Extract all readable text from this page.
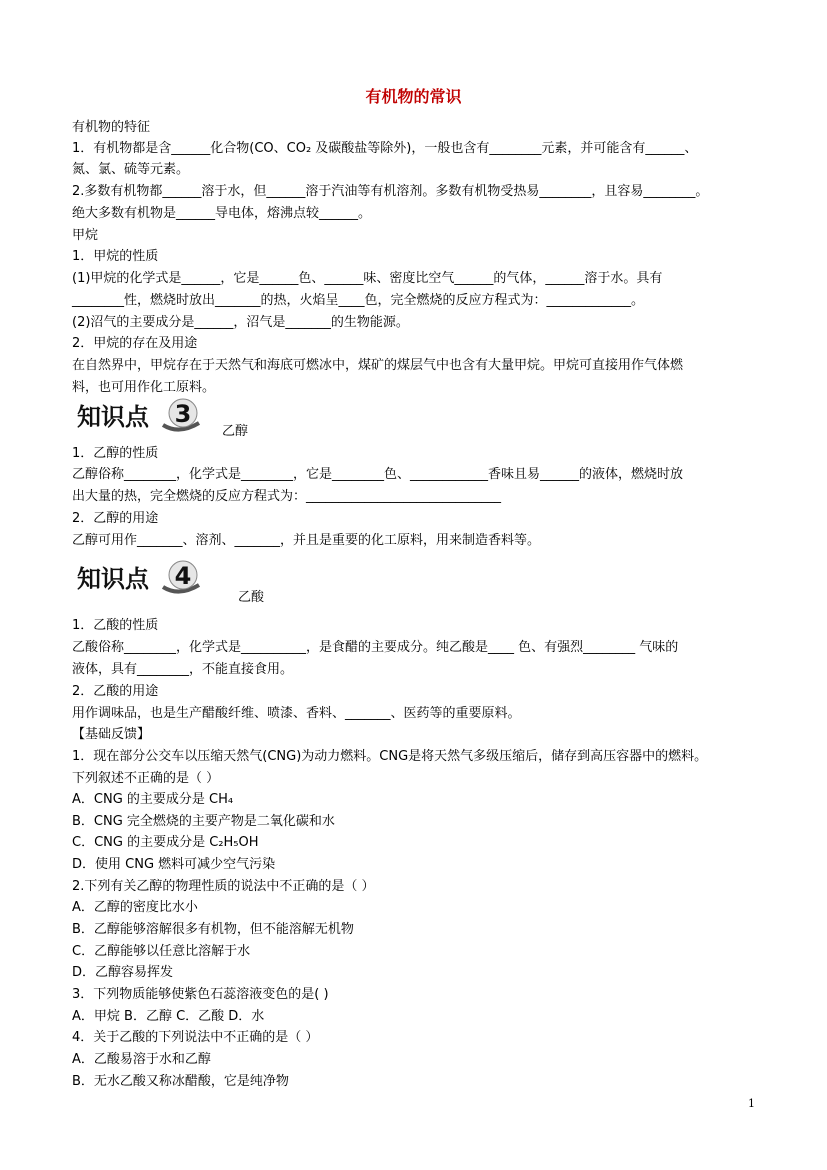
有机物的常识
有机物的特征
1．有机物都是含______化合物(CO、CO₂ 及碳酸盐等除外)，一般也含有________元素，并可能含有______、
氮、氯、硫等元素。
2.多数有机物都______溶于水，但______溶于汽油等有机溶剂。多数有机物受热易________，且容易________。
绝大多数有机物是______导电体，熔沸点较______。
甲烷
1．甲烷的性质
(1)甲烷的化学式是______，它是______色、______味、密度比空气______的气体，______溶于水。具有
________性，燃烧时放出_______的热，火焰呈____色，完全燃烧的反应方程式为：_____________。
(2)沼气的主要成分是______，沼气是_______的生物能源。
2．甲烷的存在及用途
在自然界中，甲烷存在于天然气和海底可燃冰中，煤矿的煤层气中也含有大量甲烷。甲烷可直接用作气体燃
料，也可用作化工原料。
知识点 3
乙醇
1．乙醇的性质
乙醇俗称________，化学式是________，它是________色、____________香味且易______的液体，燃烧时放
出大量的热，完全燃烧的反应方程式为：______________________________
2．乙醇的用途
乙醇可用作_______、溶剂、_______，并且是重要的化工原料，用来制造香料等。
知识点 4
乙酸
1．乙酸的性质
乙酸俗称________，化学式是__________，是食醋的主要成分。纯乙酸是____ 色、有强烈________ 气味的
液体，具有________，不能直接食用。
2．乙酸的用途
用作调味品，也是生产醋酸纤维、喷漆、香料、_______、医药等的重要原料。
【基础反馈】
1．现在部分公交车以压缩天然气(CNG)为动力燃料。CNG是将天然气多级压缩后，储存到高压容器中的燃料。
下列叙述不正确的是（ ）
A．CNG 的主要成分是 CH₄
B．CNG 完全燃烧的主要产物是二氧化碳和水
C．CNG 的主要成分是 C₂H₅OH
D．使用 CNG 燃料可减少空气污染
2.下列有关乙醇的物理性质的说法中不正确的是（ ）
A．乙醇的密度比水小
B．乙醇能够溶解很多有机物，但不能溶解无机物
C．乙醇能够以任意比溶解于水
D．乙醇容易挥发
3．下列物质能够使紫色石蕊溶液变色的是( )
A．甲烷 B．乙醇 C．乙酸 D．水
4．关于乙酸的下列说法中不正确的是（ ）
A．乙酸易溶于水和乙醇
B．无水乙酸又称冰醋酸，它是纯净物
1
